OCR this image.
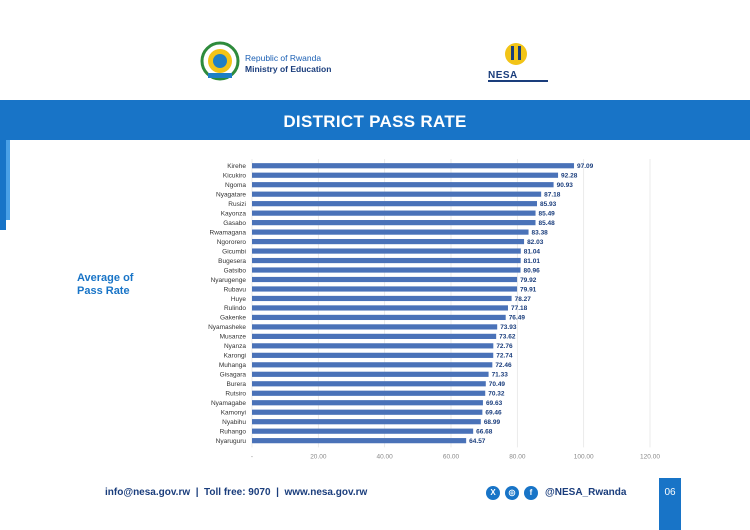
Republic of Rwanda
Ministry of Education
NESA
DISTRICT PASS RATE
Average of
Pass Rate
-	20.00	40.00	60.00	80.00	100.00	120.00
Kirehe	97.09
Kicukiro	92.28
Ngoma	90.93
Nyagatare	87.18
Rusizi	85.93
Kayonza	85.49
Gasabo	85.48
Rwamagana	83.38
Ngororero	82.03
Gicumbi	81.04
Bugesera	81.01
Gatsibo	80.96
Nyarugenge	79.92
Rubavu	79.91
Huye	78.27
Rulindo	77.18
Gakenke	76.49
Nyamasheke	73.93
Musanze	73.62
Nyanza	72.76
Karongi	72.74
Muhanga	72.46
Gisagara	71.33
Burera	70.49
Rutsiro	70.32
Nyamagabe	69.63
Kamonyi	69.46
Nyabihu	68.99
Ruhango	66.68
Nyaruguru	64.57
info@nesa.gov.rw  |  Toll free: 9070  |  www.nesa.gov.rw	X	◎	f	@NESA_Rwanda	06
